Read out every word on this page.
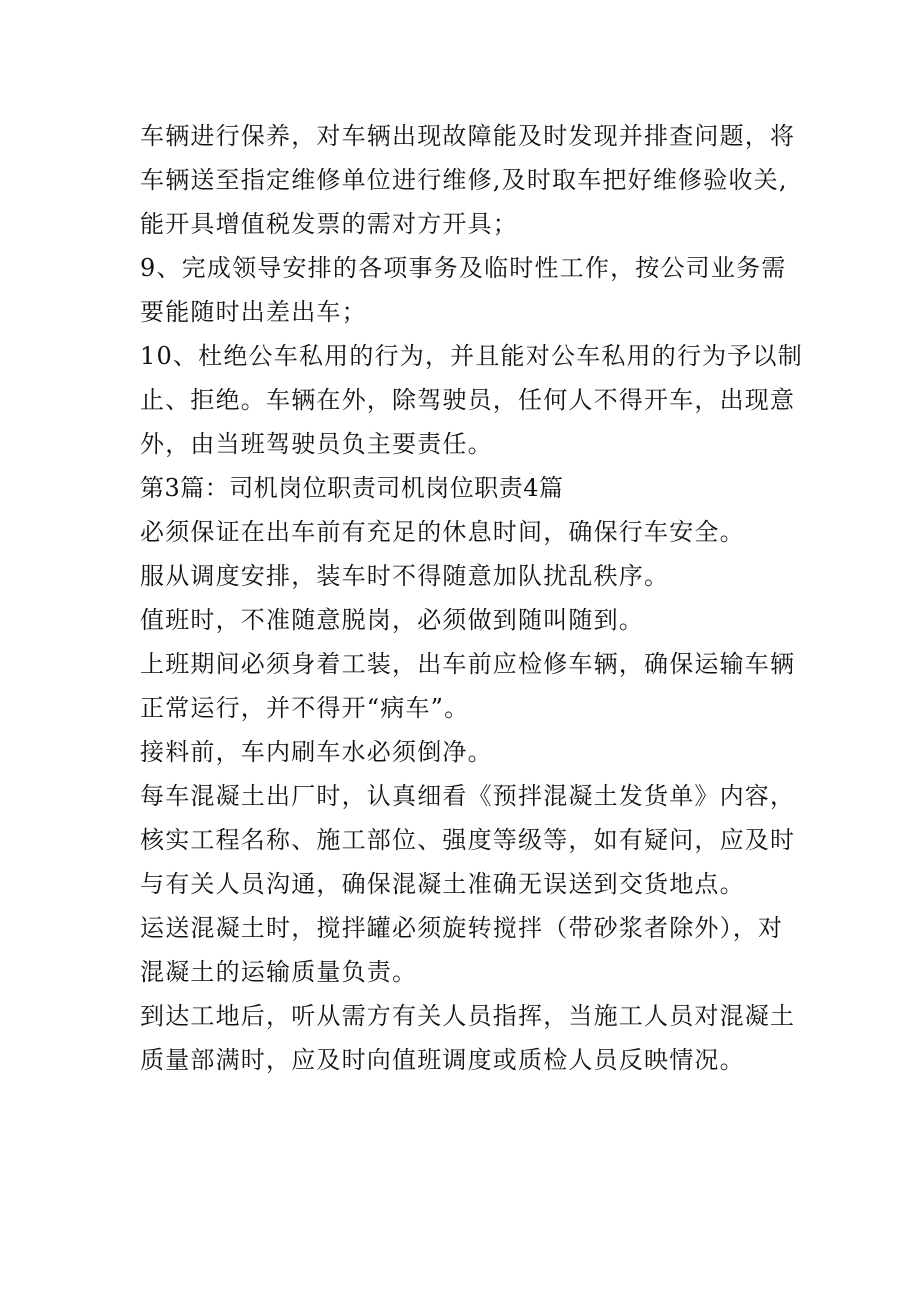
车辆进行保养，对车辆出现故障能及时发现并排查问题，将

车辆送至指定维修单位进行维修,及时取车把好维修验收关,

能开具增值税发票的需对方开具；

9、完成领导安排的各项事务及临时性工作，按公司业务需

要能随时出差出车；

10、杜绝公车私用的行为，并且能对公车私用的行为予以制

止、拒绝。车辆在外，除驾驶员，任何人不得开车，出现意

外，由当班驾驶员负主要责任。

第3篇：司机岗位职责司机岗位职责4篇

必须保证在出车前有充足的休息时间，确保行车安全。

服从调度安排，装车时不得随意加队扰乱秩序。

值班时，不准随意脱岗，必须做到随叫随到。

上班期间必须身着工装，出车前应检修车辆，确保运输车辆

正常运行，并不得开“病车”。

接料前，车内刷车水必须倒净。

每车混凝土出厂时，认真细看《预拌混凝土发货单》内容，

核实工程名称、施工部位、强度等级等，如有疑问，应及时

与有关人员沟通，确保混凝土准确无误送到交货地点。

运送混凝土时，搅拌罐必须旋转搅拌（带砂浆者除外），对

混凝土的运输质量负责。

到达工地后，听从需方有关人员指挥，当施工人员对混凝土

质量部满时，应及时向值班调度或质检人员反映情况。
